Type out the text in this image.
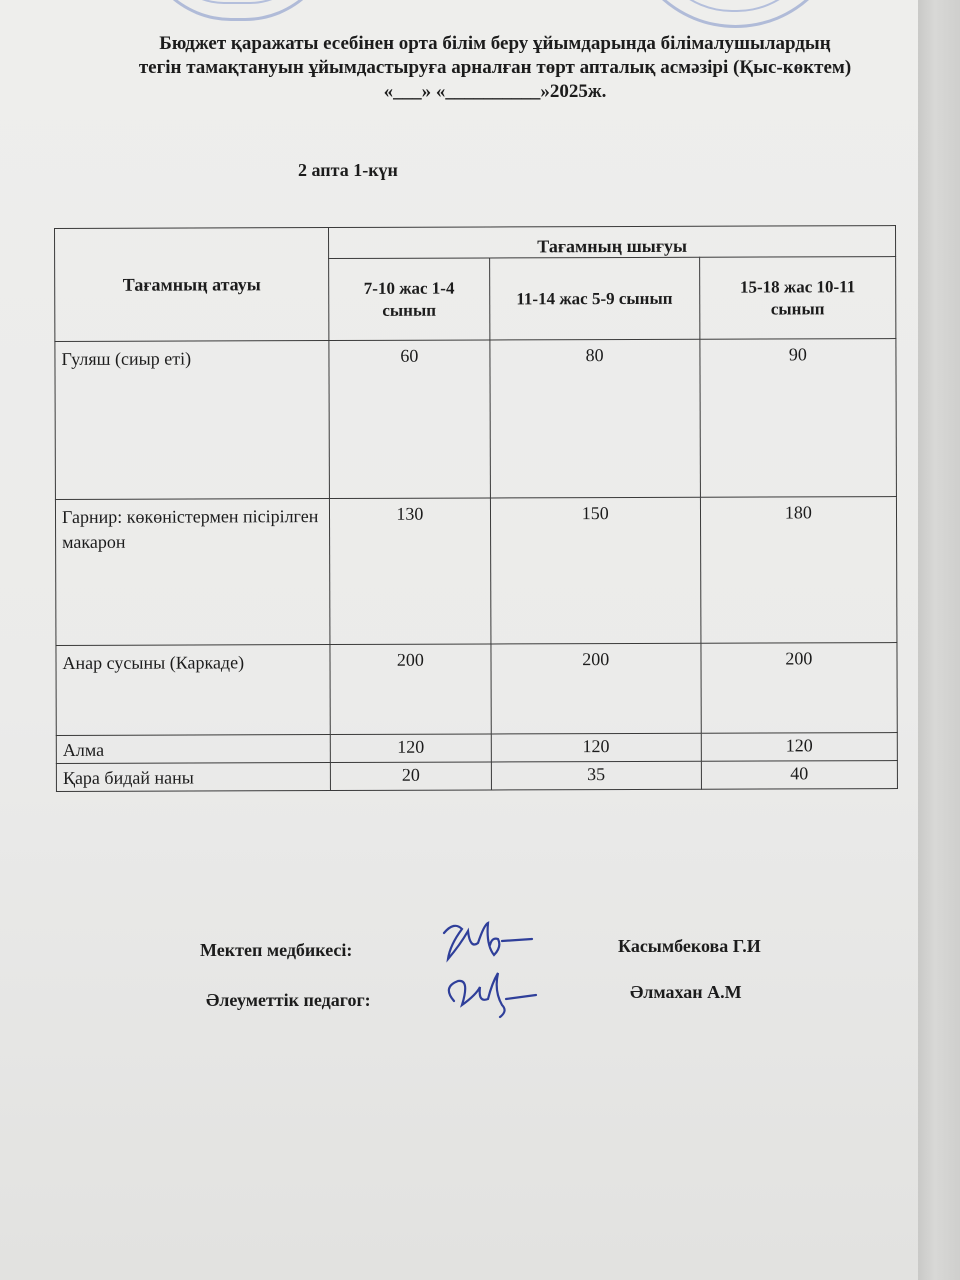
Бюджет қаражаты есебінен орта білім беру ұйымдарында білімалушылардың
тегін тамақтануын ұйымдастыруға арналған төрт апталық асмәзірі (Қыс-көктем)
«___» «__________»2025ж.
2 апта 1-күн
Тағамның атауы	Тағамның шығуы		

	7-10 жас 1-4
сынып	11-14 жас 5-9 сынып	15-18 жас 10-11
сынып

Гуляш (сиыр еті)	60	80	90
Гарнир: көкөністермен пісірілген макарон	130	150	180
Анар сусыны (Каркаде)	200	200	200
Алма	120	120	120
Қара бидай наны	20	35	40
Мектеп медбикесі:	Касымбекова Г.И
Әлеуметтік педагог:	Әлмахан А.М
